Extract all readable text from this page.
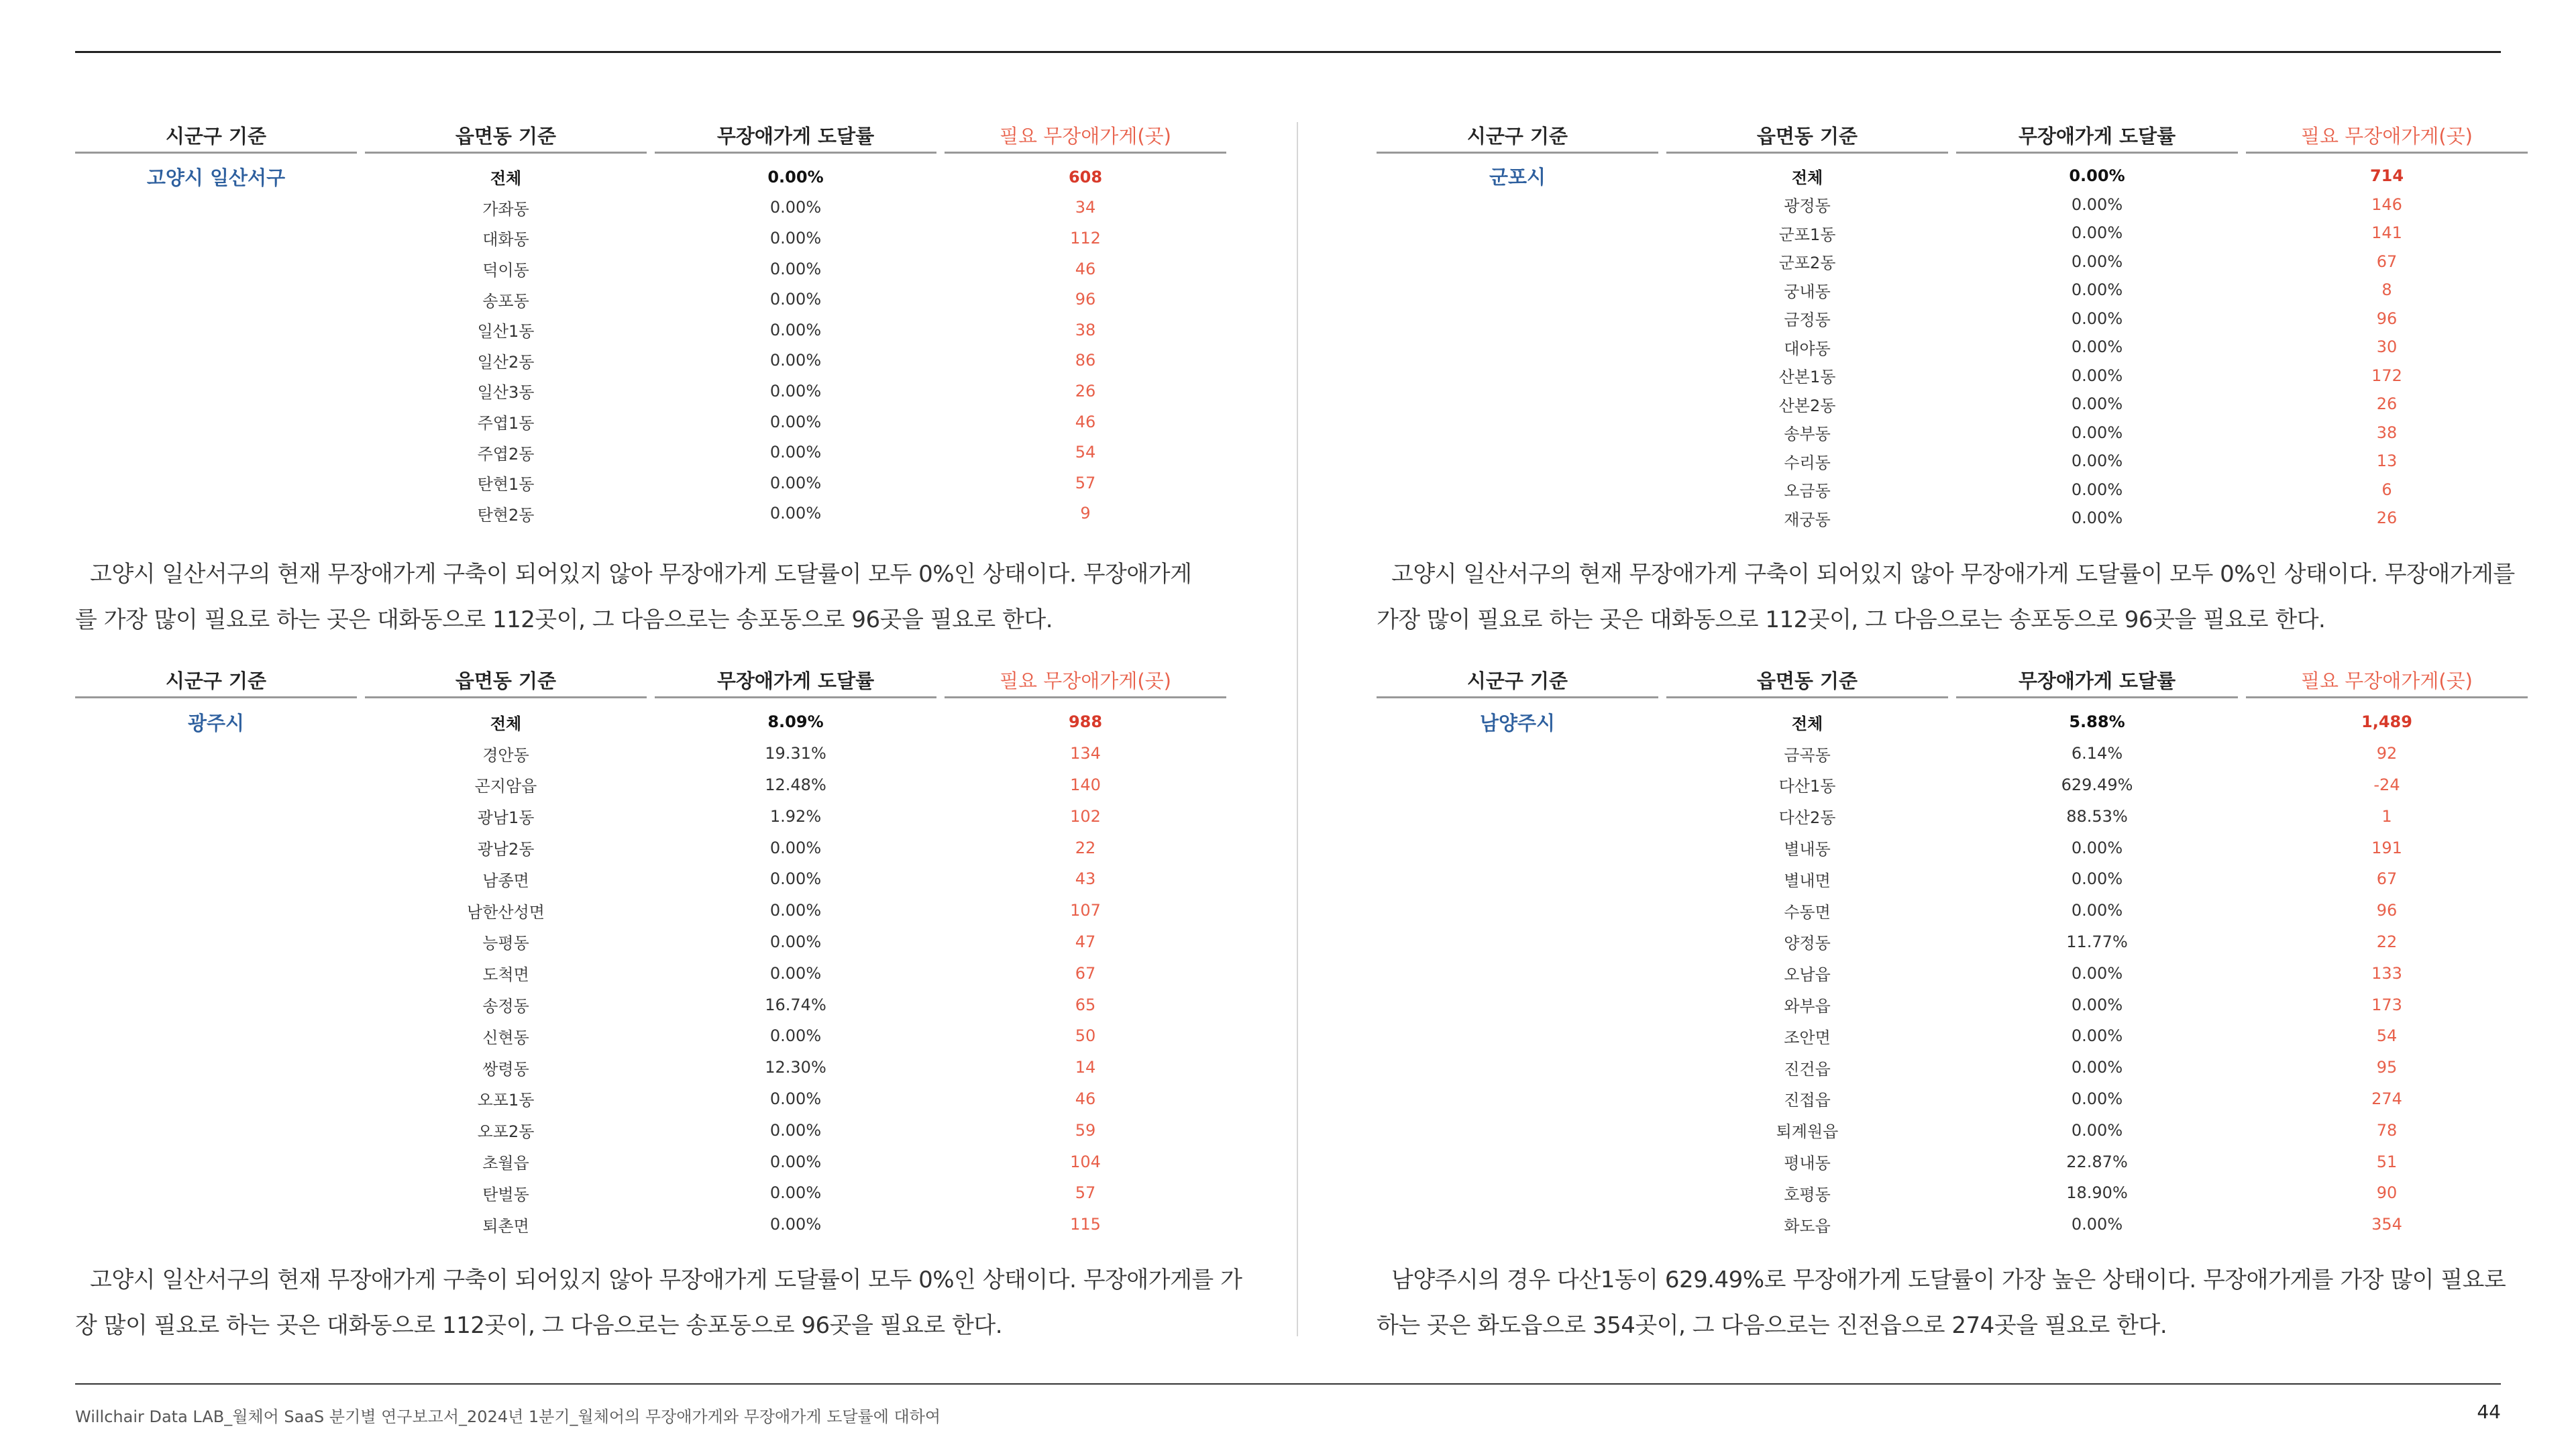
시군구 기준	읍면동 기준	무장애가게 도달률	필요 무장애가게(곳)
고양시 일산서구	전체	0.00%	608
가좌동	0.00%	34
대화동	0.00%	112
덕이동	0.00%	46
송포동	0.00%	96
일산1동	0.00%	38
일산2동	0.00%	86
일산3동	0.00%	26
주엽1동	0.00%	46
주엽2동	0.00%	54
탄현1동	0.00%	57
탄현2동	0.00%	9
고양시 일산서구의 현재 무장애가게 구축이 되어있지 않아 무장애가게 도달률이 모두 0%인 상태이다. 무장애가게를 가장 많이 필요로 하는 곳은 대화동으로 112곳이, 그 다음으로는 송포동으로 96곳을 필요로 한다.
시군구 기준	읍면동 기준	무장애가게 도달률	필요 무장애가게(곳)
군포시	전체	0.00%	714
광정동	0.00%	146
군포1동	0.00%	141
군포2동	0.00%	67
궁내동	0.00%	8
금정동	0.00%	96
대야동	0.00%	30
산본1동	0.00%	172
산본2동	0.00%	26
송부동	0.00%	38
수리동	0.00%	13
오금동	0.00%	6
재궁동	0.00%	26
고양시 일산서구의 현재 무장애가게 구축이 되어있지 않아 무장애가게 도달률이 모두 0%인 상태이다. 무장애가게를 가장 많이 필요로 하는 곳은 대화동으로 112곳이, 그 다음으로는 송포동으로 96곳을 필요로 한다.
시군구 기준	읍면동 기준	무장애가게 도달률	필요 무장애가게(곳)
광주시	전체	8.09%	988
경안동	19.31%	134
곤지암읍	12.48%	140
광남1동	1.92%	102
광남2동	0.00%	22
남종면	0.00%	43
남한산성면	0.00%	107
능평동	0.00%	47
도척면	0.00%	67
송정동	16.74%	65
신현동	0.00%	50
쌍령동	12.30%	14
오포1동	0.00%	46
오포2동	0.00%	59
초월읍	0.00%	104
탄벌동	0.00%	57
퇴촌면	0.00%	115
고양시 일산서구의 현재 무장애가게 구축이 되어있지 않아 무장애가게 도달률이 모두 0%인 상태이다. 무장애가게를 가장 많이 필요로 하는 곳은 대화동으로 112곳이, 그 다음으로는 송포동으로 96곳을 필요로 한다.
시군구 기준	읍면동 기준	무장애가게 도달률	필요 무장애가게(곳)
남양주시	전체	5.88%	1,489
금곡동	6.14%	92
다산1동	629.49%	-24
다산2동	88.53%	1
별내동	0.00%	191
별내면	0.00%	67
수동면	0.00%	96
양정동	11.77%	22
오남읍	0.00%	133
와부읍	0.00%	173
조안면	0.00%	54
진건읍	0.00%	95
진접읍	0.00%	274
퇴계원읍	0.00%	78
평내동	22.87%	51
호평동	18.90%	90
화도읍	0.00%	354
남양주시의 경우 다산1동이 629.49%로 무장애가게 도달률이 가장 높은 상태이다. 무장애가게를 가장 많이 필요로 하는 곳은 화도읍으로 354곳이, 그 다음으로는 진전읍으로 274곳을 필요로 한다.
Willchair Data LAB_월체어 SaaS 분기별 연구보고서_2024년 1분기_월체어의 무장애가게와 무장애가게 도달률에 대하여	44
